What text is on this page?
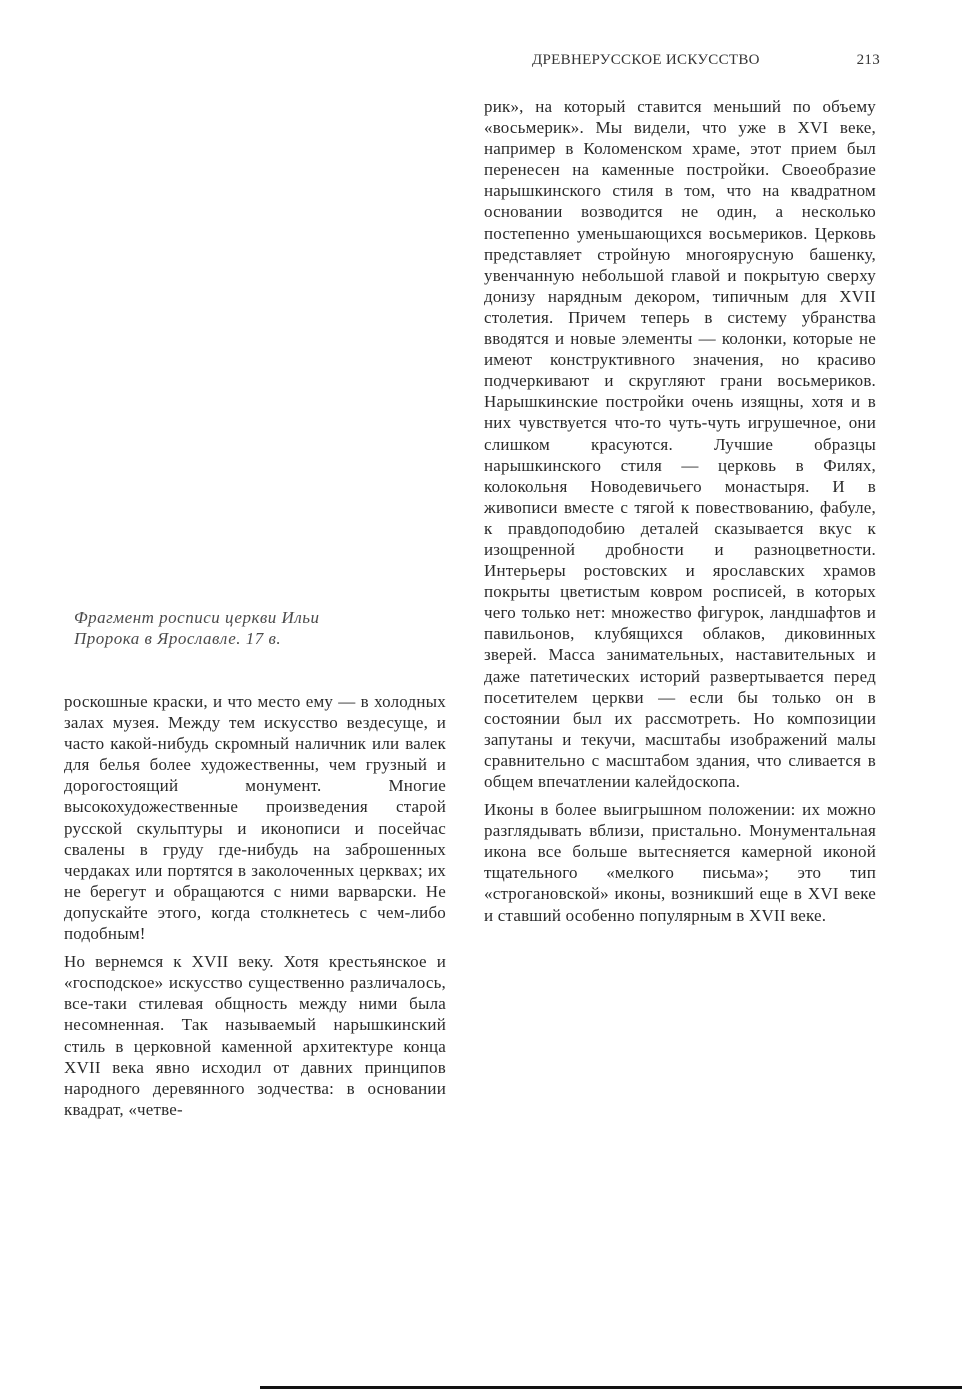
ДРЕВНЕРУССКОЕ ИСКУССТВО	213
Фрагмент росписи церкви Ильи
Пророка в Ярославле. 17 в.

роскошные краски, и что место ему — в холодных залах музея. Между тем искусство вездесуще, и часто какой-нибудь скромный наличник или валек для белья более художественны, чем грузный и дорогостоящий монумент. Многие высокохудожественные произведения старой русской скульптуры и иконописи и посейчас свалены в груду где-нибудь на заброшенных чердаках или портятся в заколоченных церквах; их не берегут и обращаются с ними варварски. Не допускайте этого, когда столкнетесь с чем-либо подобным!

Но вернемся к XVII веку. Хотя крестьянское и «господское» искусство существенно различалось, все-таки стилевая общность между ними была несомненная. Так называемый нарышкинский стиль в церковной каменной архитектуре конца XVII века явно исходил от давних принципов народного деревянного зодчества: в основании квадрат, «четве-

рик», на который ставится меньший по объему «восьмерик». Мы видели, что уже в XVI веке, например в Коломенском храме, этот прием был перенесен на каменные постройки. Своеобразие нарышкинского стиля в том, что на квадратном основании возводится не один, а несколько постепенно уменьшающихся восьмериков. Церковь представляет стройную многоярусную башенку, увенчанную небольшой главой и покрытую сверху донизу нарядным декором, типичным для XVII столетия. Причем теперь в систему убранства вводятся и новые элементы — колонки, которые не имеют конструктивного значения, но красиво подчеркивают и скругляют грани восьмериков. Нарышкинские постройки очень изящны, хотя и в них чувствуется что-то чуть-чуть игрушечное, они слишком красуются. Лучшие образцы нарышкинского стиля — церковь в Филях, колокольня Новодевичьего монастыря. И в живописи вместе с тягой к повествованию, фабуле, к правдоподобию деталей сказывается вкус к изощренной дробности и разноцветности. Интерьеры ростовских и ярославских храмов покрыты цветистым ковром росписей, в которых чего только нет: множество фигурок, ландшафтов и павильонов, клубящихся облаков, диковинных зверей. Масса занимательных, наставительных и даже патетических историй развертывается перед посетителем церкви — если бы только он в состоянии был их рассмотреть. Но композиции запутаны и текучи, масштабы изображений малы сравнительно с масштабом здания, что сливается в общем впечатлении калейдоскопа.

Иконы в более выигрышном положении: их можно разглядывать вблизи, пристально. Монументальная икона все больше вытесняется камерной иконой тщательного «мелкого письма»; это тип «строгановской» иконы, возникший еще в XVI веке и ставший особенно популярным в XVII веке.
